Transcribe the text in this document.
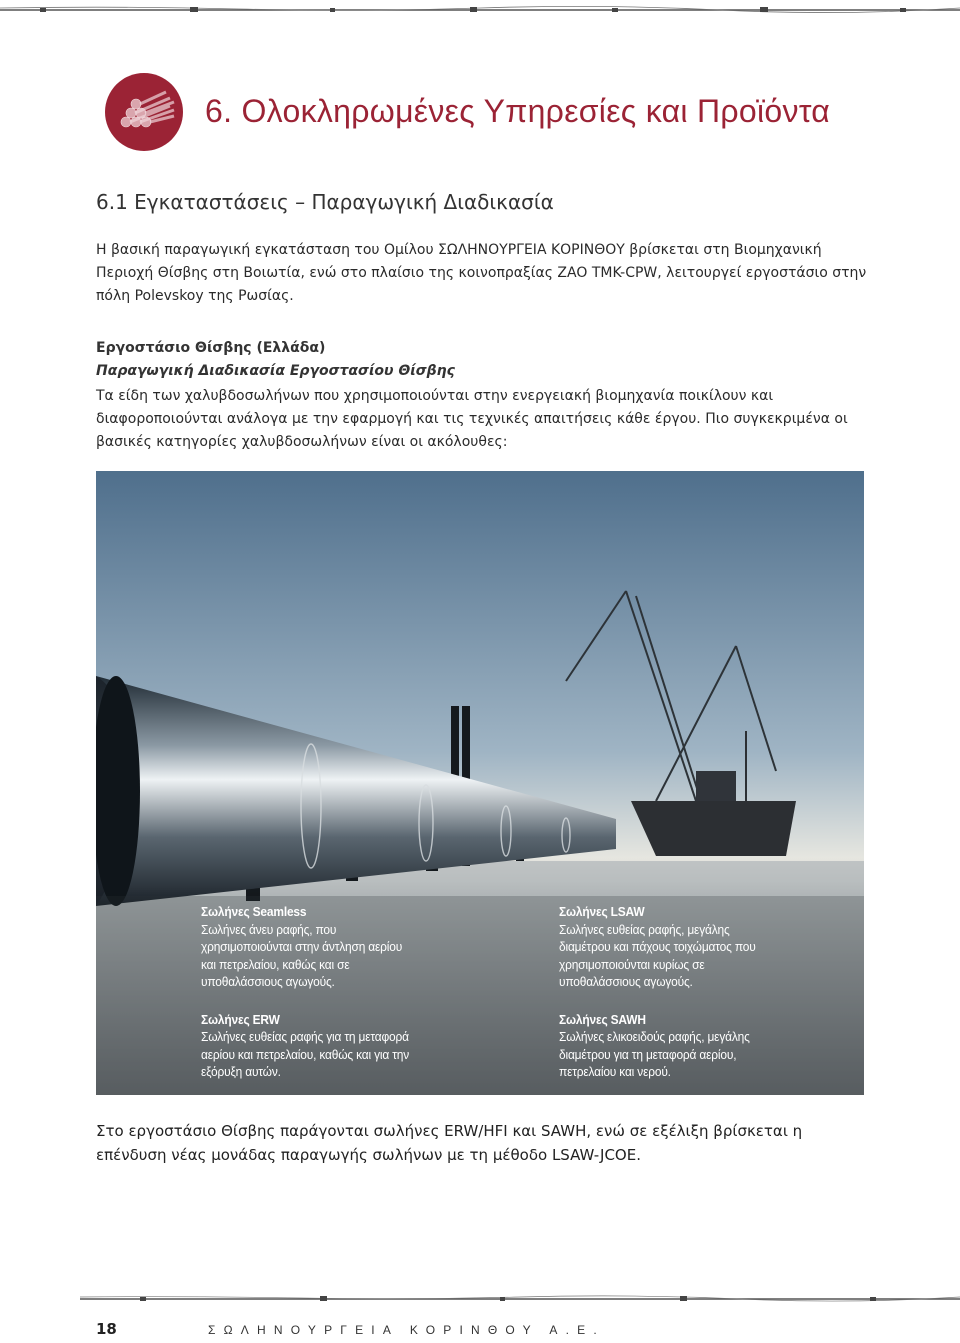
6. Ολοκληρωμένες Υπηρεσίες και Προϊόντα
6.1 Εγκαταστάσεις – Παραγωγική Διαδικασία

Η βασική παραγωγική εγκατάσταση του Ομίλου ΣΩΛΗΝΟΥΡΓΕΙΑ ΚΟΡΙΝΘΟΥ βρίσκεται στη Βιομηχανική Περιοχή Θίσβης στη Βοιωτία, ενώ στο πλαίσιο της κοινοπραξίας ZAO TMK-CPW, λειτουργεί εργοστάσιο στην πόλη Polevskoy της Ρωσίας.

Εργοστάσιο Θίσβης (Ελλάδα)
Παραγωγική Διαδικασία Εργοστασίου Θίσβης

Τα είδη των χαλυβδοσωλήνων που χρησιμοποιούνται στην ενεργειακή βιομηχανία ποικίλουν και διαφοροποιούνται ανάλογα με την εφαρμογή και τις τεχνικές απαιτήσεις κάθε έργου. Πιο συγκεκριμένα οι βασικές κατηγορίες χαλυβδοσωλήνων είναι οι ακόλουθες:

Σωλήνες Seamless
Σωλήνες άνευ ραφής, που
χρησιμοποιούνται στην άντληση αερίου
και πετρελαίου, καθώς και σε
υποθαλάσσιους αγωγούς.
Σωλήνες ERW
Σωλήνες ευθείας ραφής για τη μεταφορά
αερίου και πετρελαίου, καθώς και για την
εξόρυξη αυτών.
Σωλήνες LSAW
Σωλήνες ευθείας ραφής, μεγάλης
διαμέτρου και πάχους τοιχώματος που
χρησιμοποιούνται κυρίως σε
υποθαλάσσιους αγωγούς.
Σωλήνες SAWH
Σωλήνες ελικοειδούς ραφής, μεγάλης
διαμέτρου για τη μεταφορά αερίου,
πετρελαίου και νερού.

Στο εργοστάσιο Θίσβης παράγονται σωλήνες ERW/HFI και SAWH, ενώ σε εξέλιξη βρίσκεται η επένδυση νέας μονάδας παραγωγής σωλήνων με τη μέθοδο LSAW-JCOE.

18	ΣΩΛΗΝΟΥΡΓΕΙΑ ΚΟΡΙΝΘΟΥ Α.Ε.
